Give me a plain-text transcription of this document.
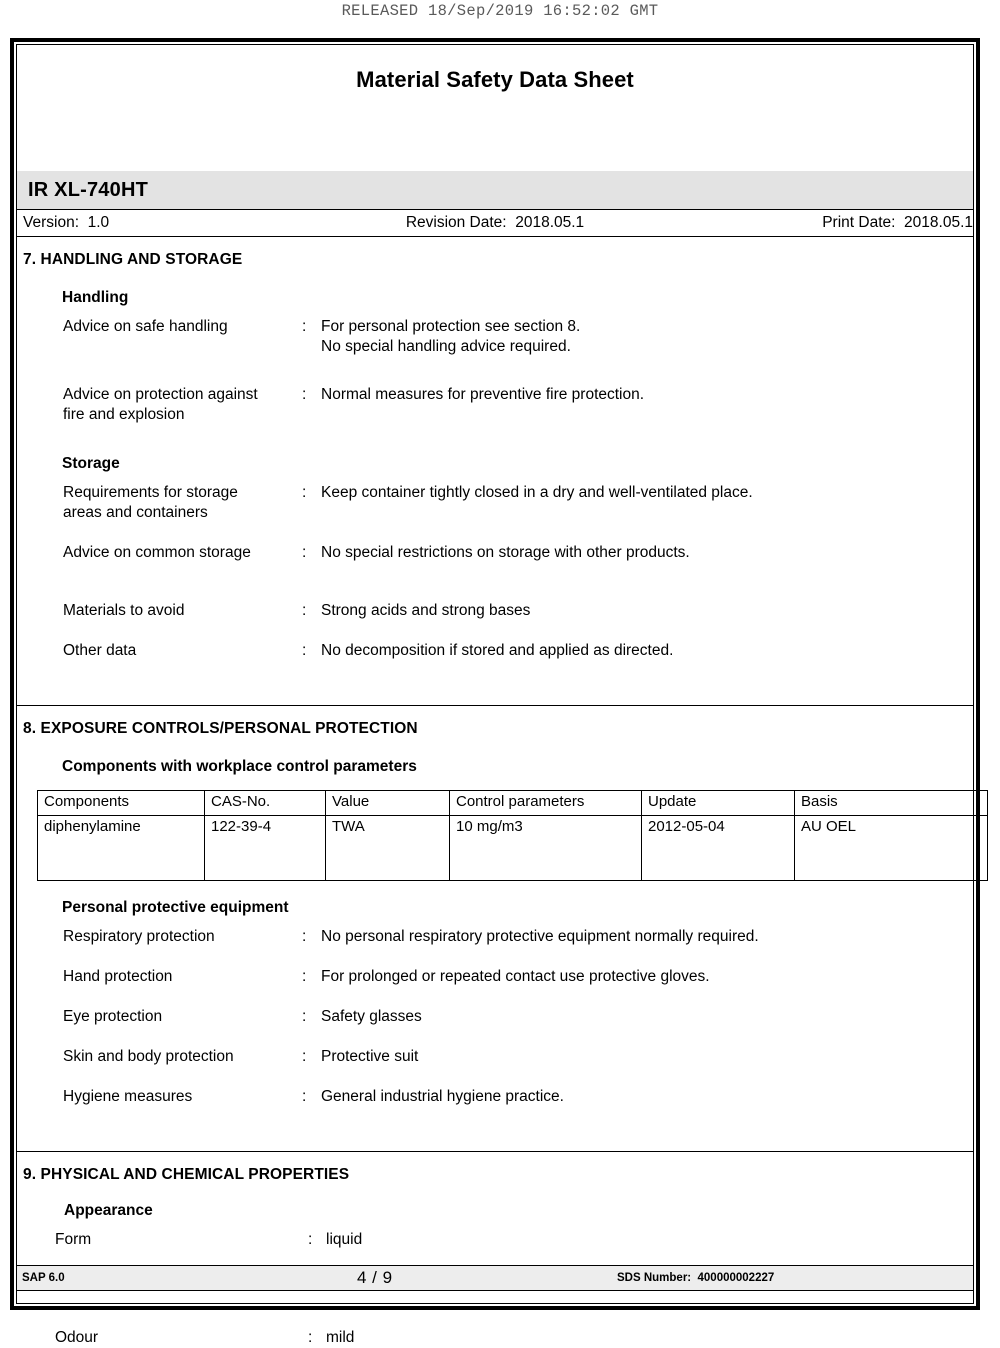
RELEASED 18/Sep/2019 16:52:02 GMT
Material Safety Data Sheet
IR XL-740HT
Version:  1.0	Revision Date:  2018.05.1	Print Date:  2018.05.1
7. HANDLING AND STORAGE
Handling
Advice on safe handling	: For personal protection see section 8.
No special handling advice required.
Advice on protection against
fire and explosion
: Normal measures for preventive fire protection.
Storage
Requirements for storage
areas and containers
: Keep container tightly closed in a dry and well-ventilated place.
Advice on common storage	: No special restrictions on storage with other products.
Materials to avoid	: Strong acids and strong bases
Other data	: No decomposition if stored and applied as directed.
8. EXPOSURE CONTROLS/PERSONAL PROTECTION
Components with workplace control parameters
Components	CAS-No.	Value	Control parameters	Update	Basis
diphenylamine	122-39-4	TWA	10 mg/m3	2012-05-04	AU OEL
Personal protective equipment
Respiratory protection	: No personal respiratory protective equipment normally required.
Hand protection	: For prolonged or repeated contact use protective gloves.
Eye protection	: Safety glasses
Skin and body protection	: Protective suit
Hygiene measures	: General industrial hygiene practice.
9. PHYSICAL AND CHEMICAL PROPERTIES
Appearance
Form	: liquid
Odour	: mild
SAP 6.0	4 / 9	SDS Number:  400000002227
